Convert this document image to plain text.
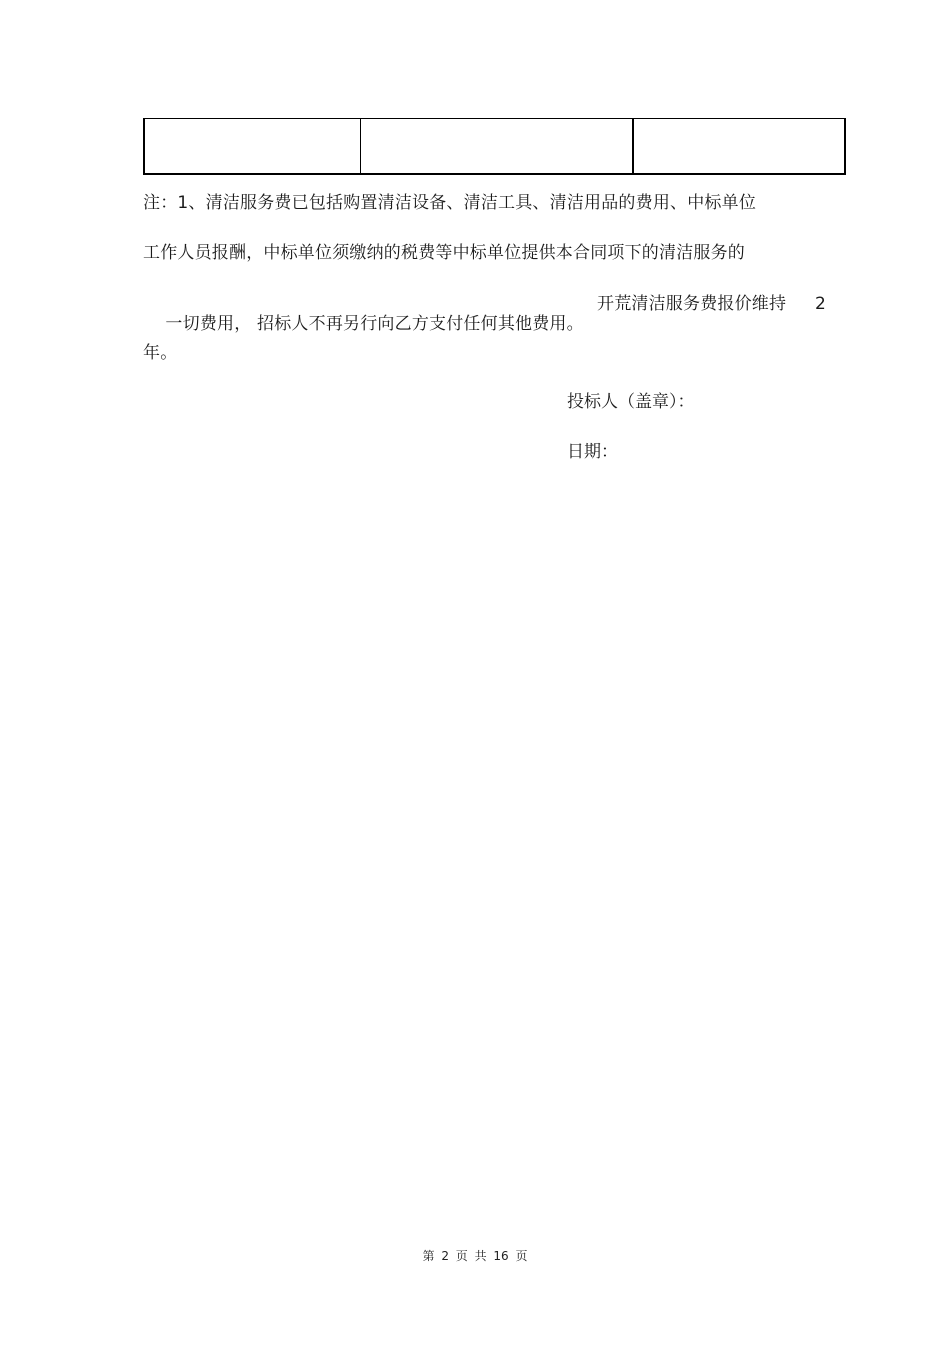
注：1、清洁服务费已包括购置清洁设备、清洁工具、清洁用品的费用、中标单位
工作人员报酬，中标单位须缴纳的税费等中标单位提供本合同项下的清洁服务的

一切费用， 招标人不再另行向乙方支付任何其他费用。

开荒清洁服务费报价维持

2

年。
投标人（盖章）：
日期：
第 2 页 共 16 页
